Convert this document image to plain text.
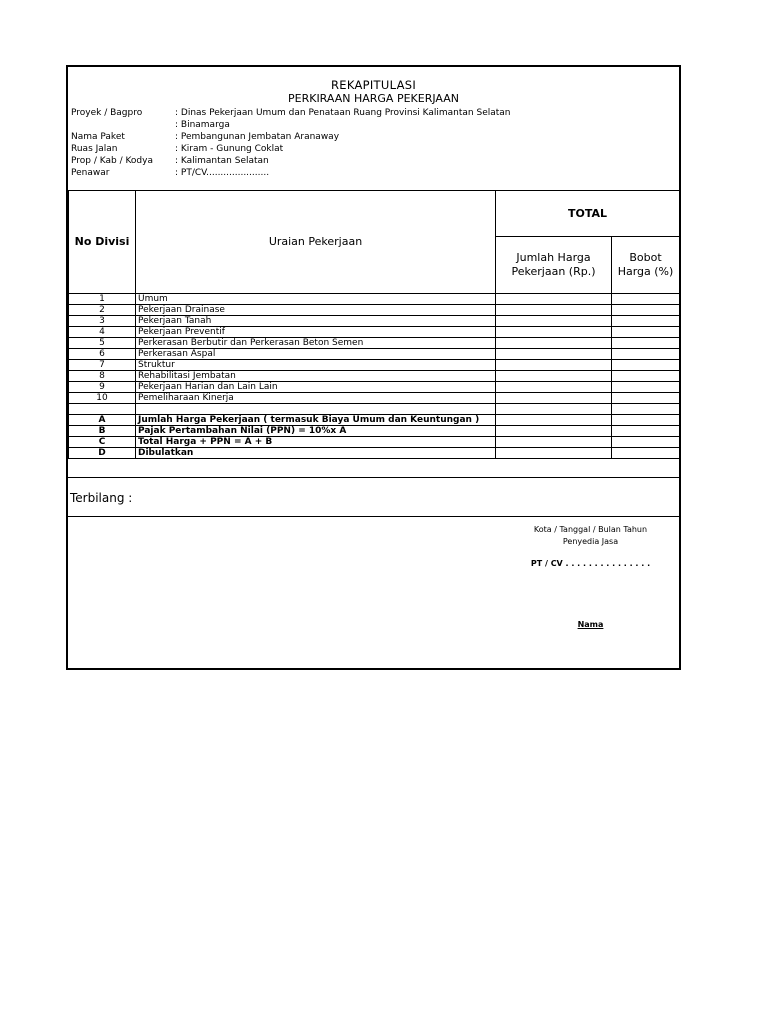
REKAPITULASI
PERKIRAAN HARGA PEKERJAAN
Proyek / Bagpro	: Dinas Pekerjaan Umum dan Penataan Ruang Provinsi Kalimantan Selatan
: Binamarga
Nama Paket	: Pembangunan Jembatan Aranaway
Ruas Jalan	: Kiram - Gunung Coklat
Prop / Kab / Kodya	: Kalimantan Selatan
Penawar	: PT/CV......................
No Divisi	Uraian Pekerjaan	TOTAL	
		Jumlah Harga Pekerjaan (Rp.)	Bobot Harga (%)
1	Umum		
2	Pekerjaan Drainase		
3	Pekerjaan Tanah		
4	Pekerjaan Preventif		
5	Perkerasan Berbutir dan Perkerasan Beton Semen		
6	Perkerasan Aspal		
7	Struktur		
8	Rehabilitasi Jembatan		
9	Pekerjaan Harian dan Lain Lain		
10	Pemeliharaan Kinerja		

A	Jumlah Harga Pekerjaan ( termasuk Biaya Umum dan Keuntungan )		
B	Pajak Pertambahan Nilai (PPN) = 10%x A		
C	Total Harga + PPN = A + B		
D	Dibulatkan		
Terbilang :
Kota / Tanggal / Bulan Tahun
Penyedia Jasa
PT / CV . . . . . . . . . . . . . . .
Nama
